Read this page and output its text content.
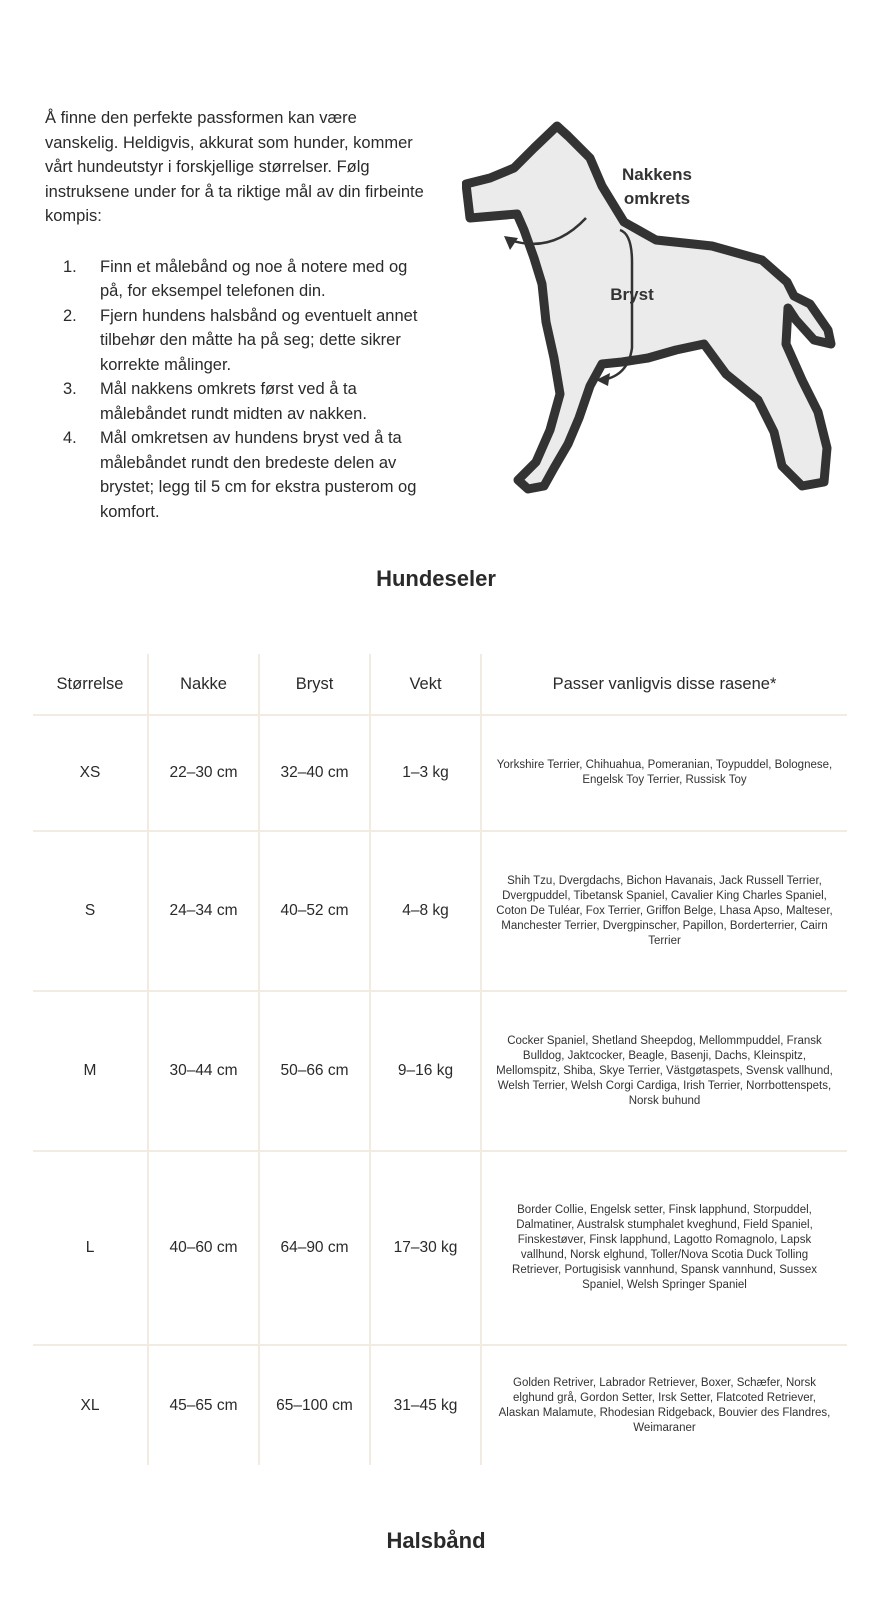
Å finne den perfekte passformen kan være vanskelig. Heldigvis, akkurat som hunder, kommer vårt hundeutstyr i forskjellige størrelser. Følg instruksene under for å ta riktige mål av din firbeinte kompis:

1. Finn et målebånd og noe å notere med og på, for eksempel telefonen din.
2. Fjern hundens halsbånd og eventuelt annet tilbehør den måtte ha på seg; dette sikrer korrekte målinger.
3. Mål nakkens omkrets først ved å ta målebåndet rundt midten av nakken.
4. Mål omkretsen av hundens bryst ved å ta målebåndet rundt den bredeste delen av brystet; legg til 5 cm for ekstra pusterom og komfort.
Nakkens
omkrets
Bryst
Hundeseler
Størrelse	Nakke	Bryst	Vekt	Passer vanligvis disse rasene*
XS	22–30 cm	32–40 cm	1–3 kg	Yorkshire Terrier, Chihuahua, Pomeranian, Toypuddel, Bolognese, Engelsk Toy Terrier, Russisk Toy
S	24–34 cm	40–52 cm	4–8 kg	Shih Tzu, Dvergdachs, Bichon Havanais, Jack Russell Terrier, Dvergpuddel, Tibetansk Spaniel, Cavalier King Charles Spaniel, Coton De Tuléar, Fox Terrier, Griffon Belge, Lhasa Apso, Malteser, Manchester Terrier, Dvergpinscher, Papillon, Borderterrier, Cairn Terrier
M	30–44 cm	50–66 cm	9–16 kg	Cocker Spaniel, Shetland Sheepdog, Mellommpuddel, Fransk Bulldog, Jaktcocker, Beagle, Basenji, Dachs, Kleinspitz, Mellomspitz, Shiba, Skye Terrier, Västgøtaspets, Svensk vallhund, Welsh Terrier, Welsh Corgi Cardiga, Irish Terrier, Norrbottenspets, Norsk buhund
L	40–60 cm	64–90 cm	17–30 kg	Border Collie, Engelsk setter, Finsk lapphund, Storpuddel, Dalmatiner, Australsk stumphalet kveghund, Field Spaniel, Finskestøver, Finsk lapphund, Lagotto Romagnolo, Lapsk vallhund, Norsk elghund, Toller/Nova Scotia Duck Tolling Retriever, Portugisisk vannhund, Spansk vannhund, Sussex Spaniel, Welsh Springer Spaniel
XL	45–65 cm	65–100 cm	31–45 kg	Golden Retriver, Labrador Retriever, Boxer, Schæfer, Norsk elghund grå, Gordon Setter, Irsk Setter, Flatcoted Retriever, Alaskan Malamute, Rhodesian Ridgeback, Bouvier des Flandres, Weimaraner
Halsbånd
